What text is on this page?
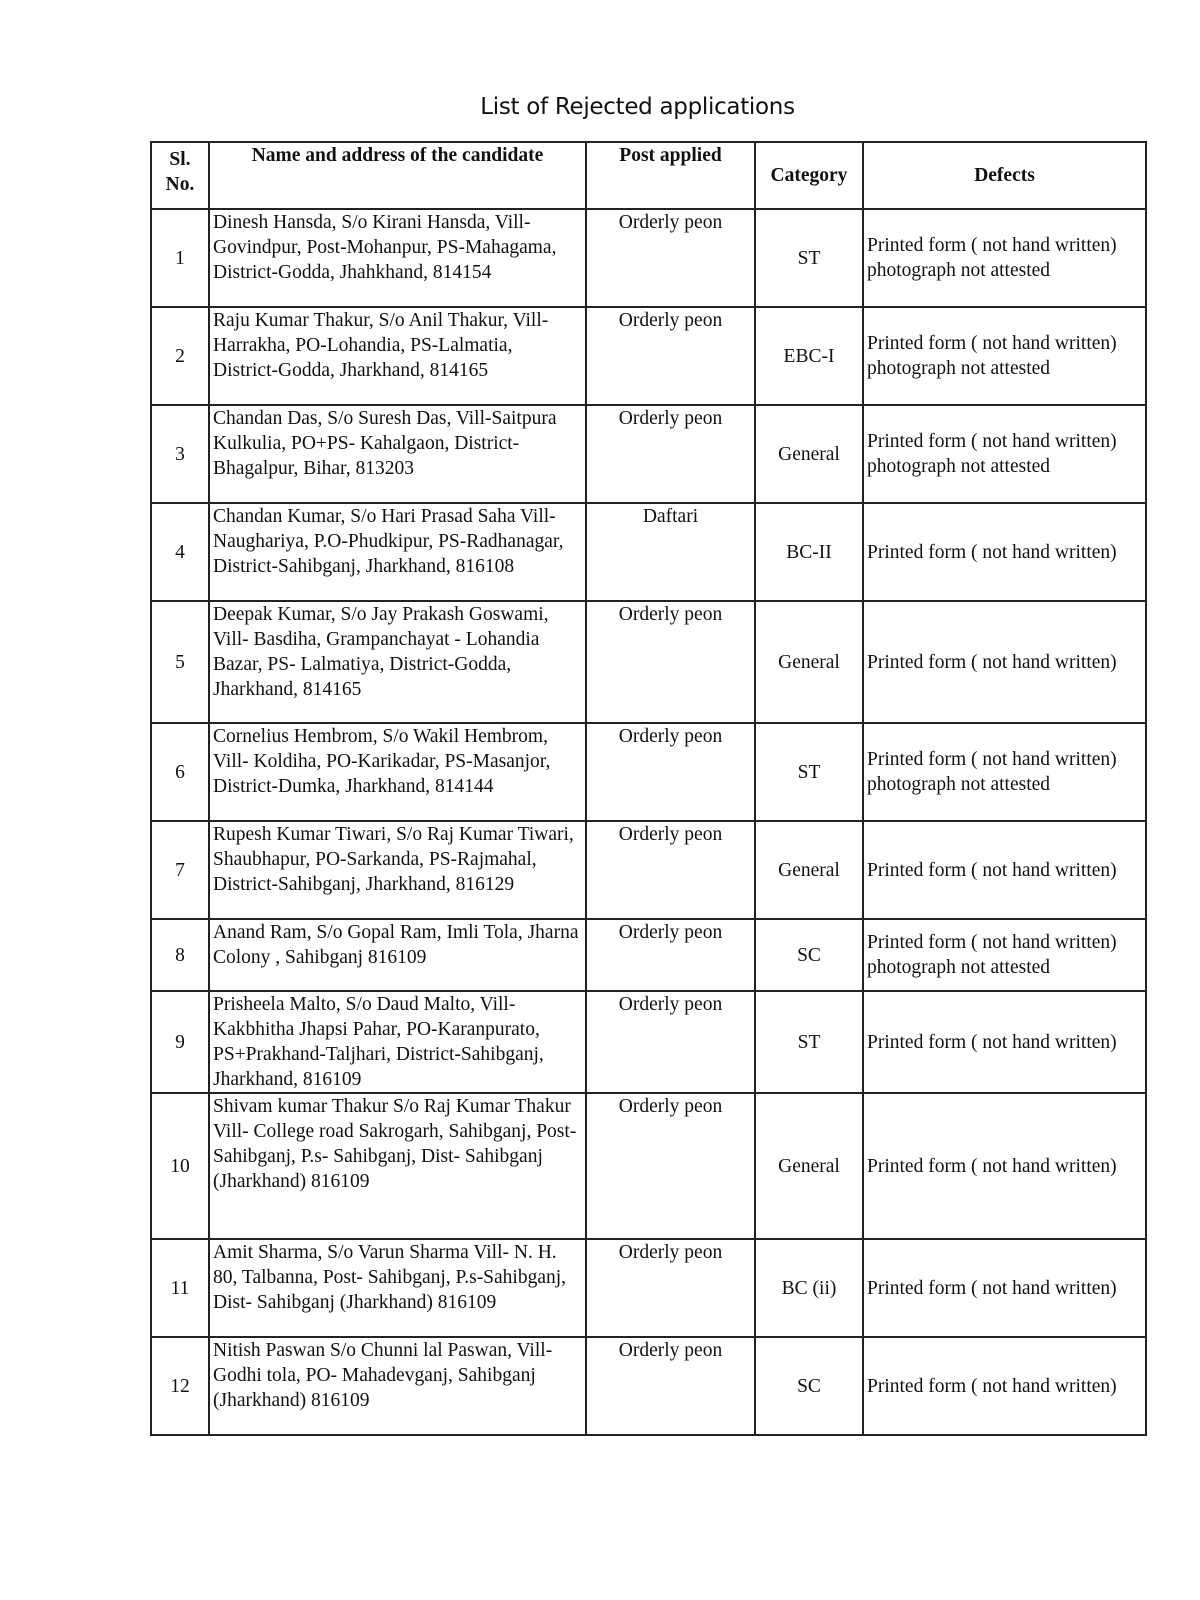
List of Rejected applications
Sl. No.	Name and address of the candidate	Post applied	Category	Defects
1	Dinesh Hansda, S/o Kirani Hansda, Vill-Govindpur, Post-Mohanpur, PS-Mahagama, District-Godda, Jhahkhand, 814154	Orderly peon	ST	Printed form ( not hand written) photograph not attested
2	Raju Kumar Thakur, S/o Anil Thakur, Vill- Harrakha, PO-Lohandia, PS-Lalmatia, District-Godda, Jharkhand, 814165	Orderly peon	EBC-I	Printed form ( not hand written) photograph not attested
3	Chandan Das, S/o Suresh Das, Vill-Saitpura Kulkulia, PO+PS- Kahalgaon, District- Bhagalpur, Bihar, 813203	Orderly peon	General	Printed form ( not hand written) photograph not attested
4	Chandan Kumar, S/o Hari Prasad Saha Vill- Naughariya, P.O-Phudkipur, PS-Radhanagar, District-Sahibganj, Jharkhand, 816108	Daftari	BC-II	Printed form ( not hand written)
5	Deepak Kumar, S/o Jay Prakash Goswami, Vill- Basdiha, Grampanchayat - Lohandia Bazar, PS- Lalmatiya, District-Godda, Jharkhand, 814165	Orderly peon	General	Printed form ( not hand written)
6	Cornelius Hembrom, S/o Wakil Hembrom, Vill- Koldiha, PO-Karikadar, PS-Masanjor, District-Dumka, Jharkhand, 814144	Orderly peon	ST	Printed form ( not hand written) photograph not attested
7	Rupesh Kumar Tiwari, S/o Raj Kumar Tiwari, Shaubhapur, PO-Sarkanda, PS-Rajmahal, District-Sahibganj, Jharkhand, 816129	Orderly peon	General	Printed form ( not hand written)
8	Anand Ram, S/o Gopal Ram, Imli Tola, Jharna Colony , Sahibganj 816109	Orderly peon	SC	Printed form ( not hand written) photograph not attested
9	Prisheela Malto, S/o Daud Malto, Vill-Kakbhitha Jhapsi Pahar, PO-Karanpurato, PS+Prakhand-Taljhari, District-Sahibganj, Jharkhand, 816109	Orderly peon	ST	Printed form ( not hand written)
10	Shivam kumar Thakur S/o Raj Kumar Thakur Vill- College road Sakrogarh, Sahibganj, Post-Sahibganj, P.s- Sahibganj, Dist- Sahibganj (Jharkhand) 816109	Orderly peon	General	Printed form ( not hand written)
11	Amit Sharma, S/o Varun Sharma Vill- N. H. 80, Talbanna, Post- Sahibganj, P.s-Sahibganj, Dist- Sahibganj (Jharkhand) 816109	Orderly peon	BC (ii)	Printed form ( not hand written)
12	Nitish Paswan S/o Chunni lal Paswan, Vill- Godhi tola, PO- Mahadevganj, Sahibganj (Jharkhand) 816109	Orderly peon	SC	Printed form ( not hand written)
